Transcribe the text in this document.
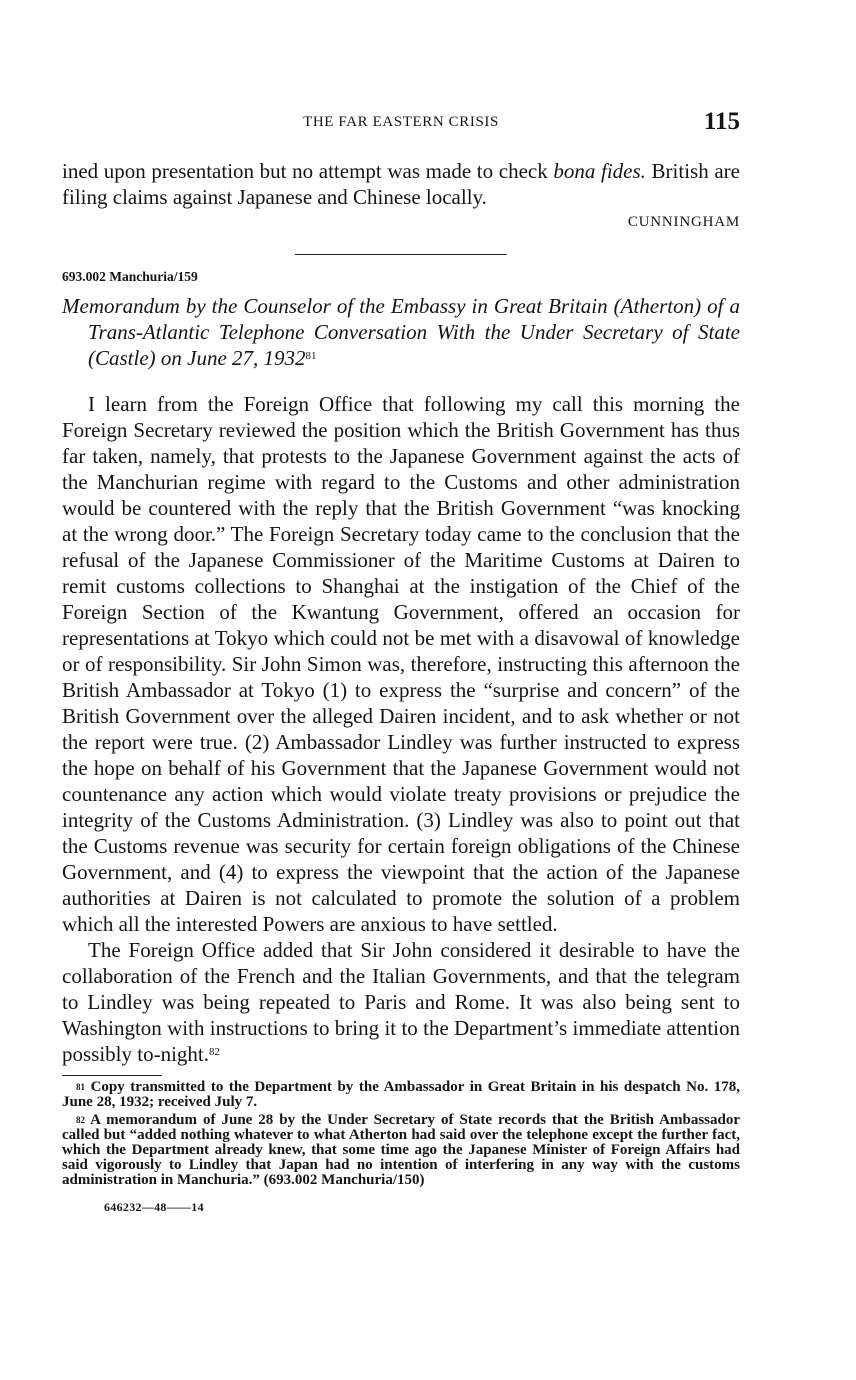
THE FAR EASTERN CRISIS	115
ined upon presentation but no attempt was made to check bona fides. British are filing claims against Japanese and Chinese locally.
CUNNINGHAM
693.002 Manchuria/159
Memorandum by the Counselor of the Embassy in Great Britain (Atherton) of a Trans-Atlantic Telephone Conversation With the Under Secretary of State (Castle) on June 27, 1932$^{81}$

I learn from the Foreign Office that following my call this morning the Foreign Secretary reviewed the position which the British Government has thus far taken, namely, that protests to the Japanese Government against the acts of the Manchurian regime with regard to the Customs and other administration would be countered with the reply that the British Government “was knocking at the wrong door.” The Foreign Secretary today came to the conclusion that the refusal of the Japanese Commissioner of the Maritime Customs at Dairen to remit customs collections to Shanghai at the instigation of the Chief of the Foreign Section of the Kwantung Government, offered an occasion for representations at Tokyo which could not be met with a disavowal of knowledge or of responsibility. Sir John Simon was, therefore, instructing this afternoon the British Ambassador at Tokyo (1) to express the “surprise and concern” of the British Government over the alleged Dairen incident, and to ask whether or not the report were true. (2) Ambassador Lindley was further instructed to express the hope on behalf of his Government that the Japanese Government would not countenance any action which would violate treaty provisions or prejudice the integrity of the Customs Administration. (3) Lindley was also to point out that the Customs revenue was security for certain foreign obligations of the Chinese Government, and (4) to express the viewpoint that the action of the Japanese authorities at Dairen is not calculated to promote the solution of a problem which all the interested Powers are anxious to have settled.

The Foreign Office added that Sir John considered it desirable to have the collaboration of the French and the Italian Governments, and that the telegram to Lindley was being repeated to Paris and Rome. It was also being sent to Washington with instructions to bring it to the Department’s immediate attention possibly to-night.$^{82}$

$^{81}$ Copy transmitted to the Department by the Ambassador in Great Britain in his despatch No. 178, June 28, 1932; received July 7.

$^{82}$ A memorandum of June 28 by the Under Secretary of State records that the British Ambassador called but “added nothing whatever to what Atherton had said over the telephone except the further fact, which the Department already knew, that some time ago the Japanese Minister of Foreign Affairs had said vigorously to Lindley that Japan had no intention of interfering in any way with the customs administration in Manchuria.” (693.002 Manchuria/150)

646232—48——14
